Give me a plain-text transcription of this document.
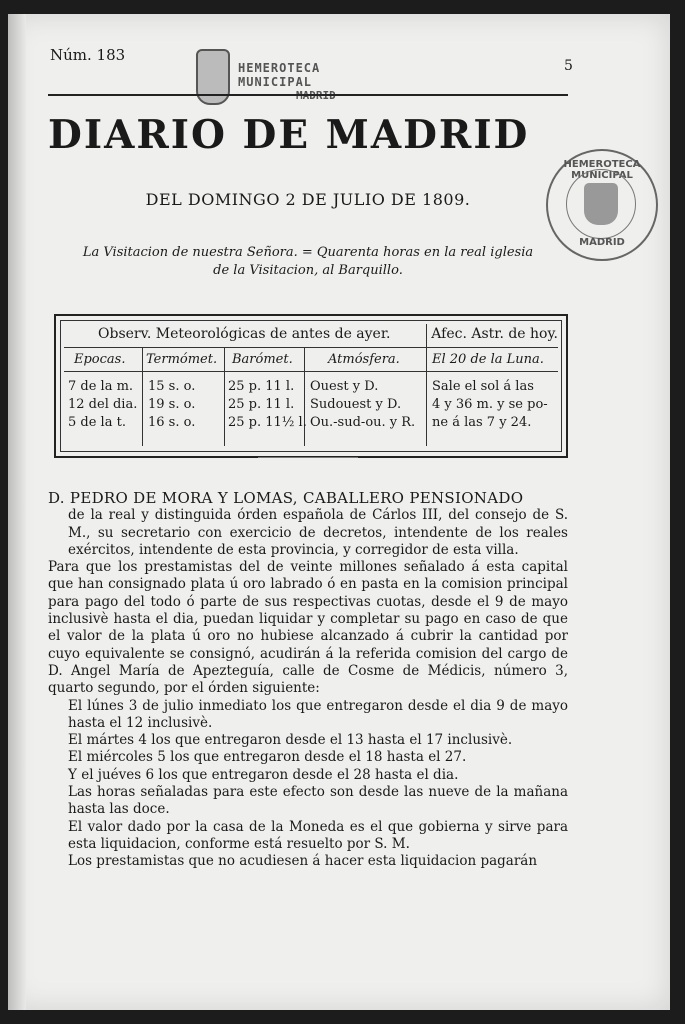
Núm. 183
5
HEMEROTECA MUNICIPAL
MADRID
DIARIO DE MADRID
DEL DOMINGO 2 DE JULIO DE 1809.
La Visitacion de nuestra Señora. = Quarenta horas en la real iglesia
de la Visitacion, al Barquillo.
HEMEROTECA MUNICIPAL
MADRID
Observ. Meteorológicas de antes de ayer.	Afec. Astr. de hoy.
Epocas. Termómet. Barómet.	Atmósfera. El 20 de la Luna.
7 de la m.
12 del dia.
5 de la t.
15 s. o.
19 s. o.
16 s. o.
25 p. 11 l.
25 p. 11 l.
25 p. 11½ l.
Ouest y D.
Sudouest y D.
Ou.-sud-ou. y R.
Sale el sol á las
4 y 36 m. y se po-
ne á las 7 y 24.

D. PEDRO DE MORA Y LOMAS, CABALLERO PENSIONADO

de la real y distinguida órden española de Cárlos III, del consejo de S. M., su secretario con exercicio de decretos, intendente de los reales exércitos, intendente de esta provincia, y corregidor de esta villa.

Para que los prestamistas del de veinte millones señalado á esta capital que han consignado plata ú oro labrado ó en pasta en la comision principal para pago del todo ó parte de sus respectivas cuotas, desde el 9 de mayo inclusivè hasta el dia, puedan liquidar y completar su pago en caso de que el valor de la plata ú oro no hubiese alcanzado á cubrir la cantidad por cuyo equivalente se consignó, acudirán á la referida comision del cargo de D. Angel María de Apezteguía, calle de Cosme de Médicis, número 3, quarto segundo, por el órden siguiente:

El lúnes 3 de julio inmediato los que entregaron desde el dia 9 de mayo hasta el 12 inclusivè.

El mártes 4 los que entregaron desde el 13 hasta el 17 inclusivè.

El miércoles 5 los que entregaron desde el 18 hasta el 27.

Y el juéves 6 los que entregaron desde el 28 hasta el dia.

Las horas señaladas para este efecto son desde las nueve de la mañana hasta las doce.

El valor dado por la casa de la Moneda es el que gobierna y sirve para esta liquidacion, conforme está resuelto por S. M.

Los prestamistas que no acudiesen á hacer esta liquidacion pagarán
